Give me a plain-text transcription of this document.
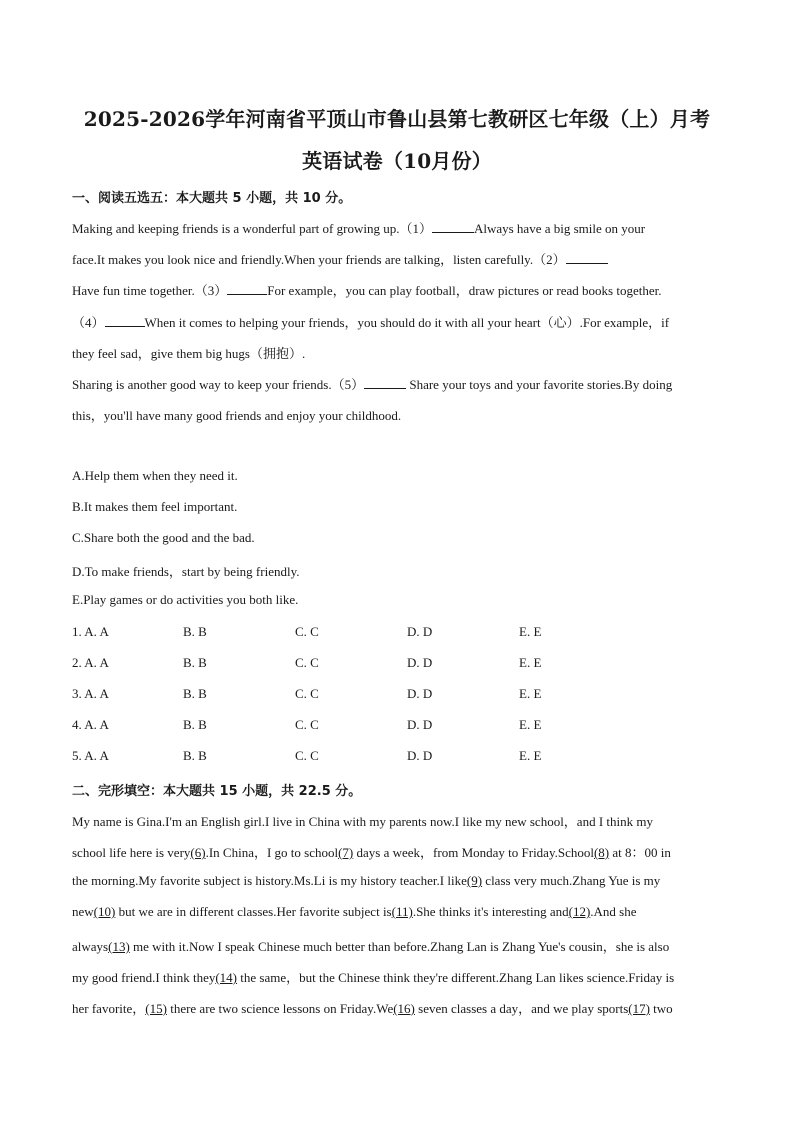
2025-2026学年河南省平顶山市鲁山县第七教研区七年级（上）月考
英语试卷（10月份）
一、阅读五选五：本大题共 5 小题，共 10 分。
Making and keeping friends is a wonderful part of growing up.（1）	Always have a big smile on your
face.It makes you look nice and friendly.When your friends are talking，listen carefully.（2）
Have fun time together.（3）	For example，you can play football，draw pictures or read books together.
（4）	When it comes to helping your friends，you should do it with all your heart（心）.For example，if
they feel sad，give them big hugs（拥抱）.
Sharing is another good way to keep your friends.（5）	Share your toys and your favorite stories.By doing
this，you'll have many good friends and enjoy your childhood.
A.Help them when they need it.
B.It makes them feel important.
C.Share both the good and the bad.
D.To make friends，start by being friendly.
E.Play games or do activities you both like.
1. A. A	B. B	C. C	D. D	E. E
2. A. A	B. B	C. C	D. D	E. E
3. A. A	B. B	C. C	D. D	E. E
4. A. A	B. B	C. C	D. D	E. E
5. A. A	B. B	C. C	D. D	E. E
二、完形填空：本大题共 15 小题，共 22.5 分。
My name is Gina.I'm an English girl.I live in China with my parents now.I like my new school，and I think my
school life here is very(6).In China，I go to school(7) days a week，from Monday to Friday.School(8) at 8：00 in
the morning.My favorite subject is history.Ms.Li is my history teacher.I like(9) class very much.Zhang Yue is my
new(10) but we are in different classes.Her favorite subject is(11).She thinks it's interesting and(12).And she
always(13) me with it.Now I speak Chinese much better than before.Zhang Lan is Zhang Yue's cousin，she is also
my good friend.I think they(14) the same，but the Chinese think they're different.Zhang Lan likes science.Friday is
her favorite，(15) there are two science lessons on Friday.We(16) seven classes a day，and we play sports(17) two
